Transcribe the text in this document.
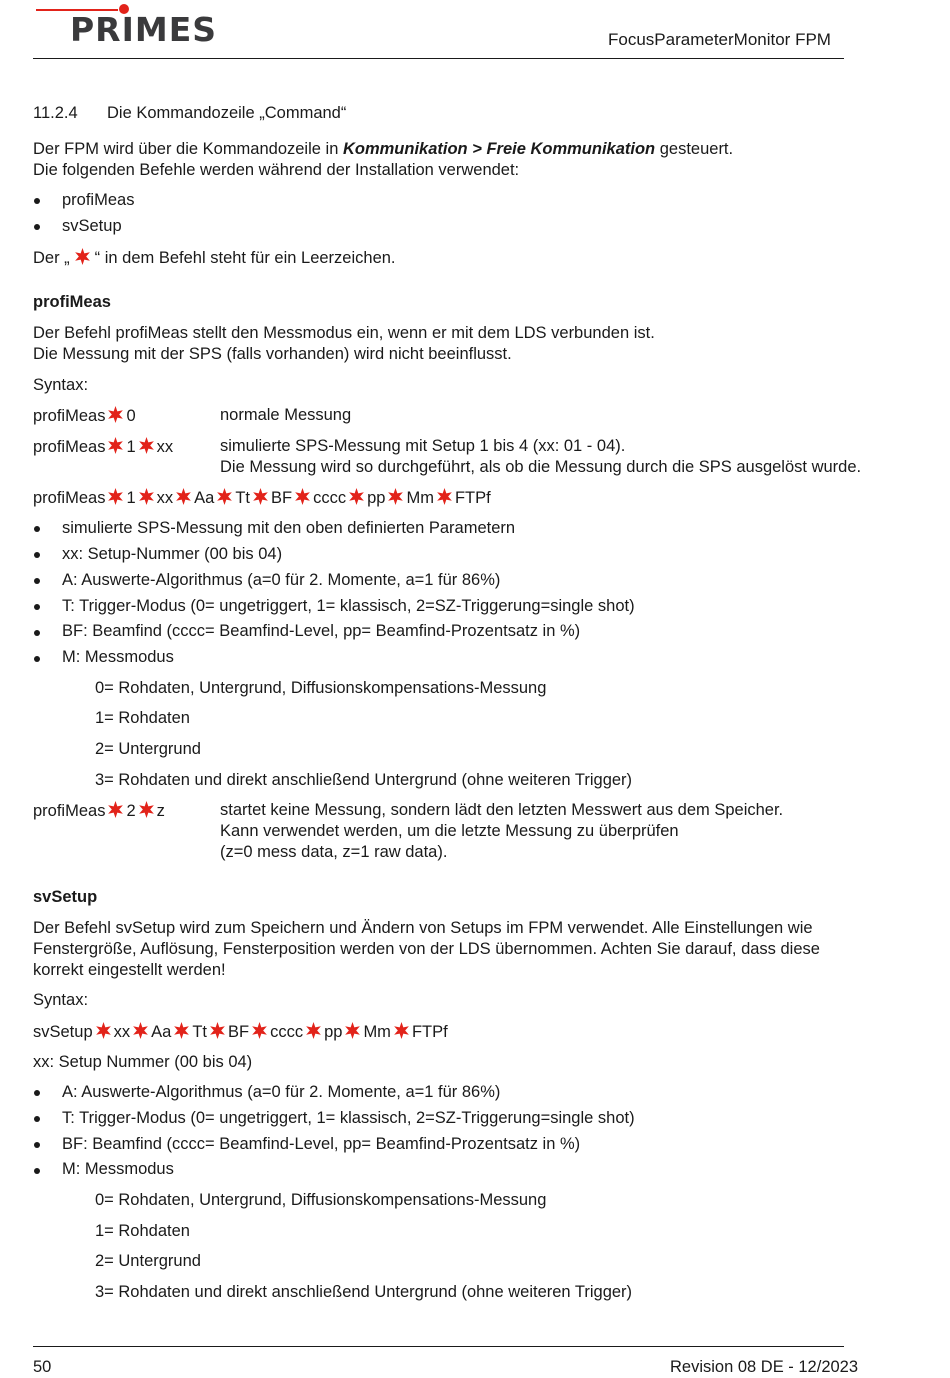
PRIMES	FocusParameterMonitor FPM
11.2.4 Die Kommandozeile „Command“
Der FPM wird über die Kommandozeile in Kommunikation > Freie Kommunikation gesteuert.
Die folgenden Befehle werden während der Installation verwendet:
profiMeas
svSetup
Der „ “ in dem Befehl steht für ein Leerzeichen.
profiMeas
Der Befehl profiMeas stellt den Messmodus ein, wenn er mit dem LDS verbunden ist.
Die Messung mit der SPS (falls vorhanden) wird nicht beeinflusst.
Syntax:
profiMeas 0	normale Messung
profiMeas 1 xx	simulierte SPS-Messung mit Setup 1 bis 4 (xx: 01 - 04).
Die Messung wird so durchgeführt, als ob die Messung durch die SPS ausgelöst wurde.
profiMeas 1 xx Aa Tt BF cccc pp Mm FTPf
simulierte SPS-Messung mit den oben definierten Parametern
xx: Setup-Nummer (00 bis 04)
A: Auswerte-Algorithmus (a=0 für 2. Momente, a=1 für 86%)
T: Trigger-Modus (0= ungetriggert, 1= klassisch, 2=SZ-Triggerung=single shot)
BF: Beamfind (cccc= Beamfind-Level, pp= Beamfind-Prozentsatz in %)
M: Messmodus
0= Rohdaten, Untergrund, Diffusionskompensations-Messung
1= Rohdaten
2= Untergrund
3= Rohdaten und direkt anschließend Untergrund (ohne weiteren Trigger)
profiMeas 2 z	startet keine Messung, sondern lädt den letzten Messwert aus dem Speicher.
Kann verwendet werden, um die letzte Messung zu überprüfen
(z=0 mess data, z=1 raw data).
svSetup
Der Befehl svSetup wird zum Speichern und Ändern von Setups im FPM verwendet. Alle Einstellungen wie
Fenstergröße, Auflösung, Fensterposition werden von der LDS übernommen. Achten Sie darauf, dass diese
korrekt eingestellt werden!
Syntax:
svSetup xx Aa Tt BF cccc pp Mm FTPf
xx: Setup Nummer (00 bis 04)
A: Auswerte-Algorithmus (a=0 für 2. Momente, a=1 für 86%)
T: Trigger-Modus (0= ungetriggert, 1= klassisch, 2=SZ-Triggerung=single shot)
BF: Beamfind (cccc= Beamfind-Level, pp= Beamfind-Prozentsatz in %)
M: Messmodus
0= Rohdaten, Untergrund, Diffusionskompensations-Messung
1= Rohdaten
2= Untergrund
3= Rohdaten und direkt anschließend Untergrund (ohne weiteren Trigger)
50	Revision 08 DE - 12/2023
